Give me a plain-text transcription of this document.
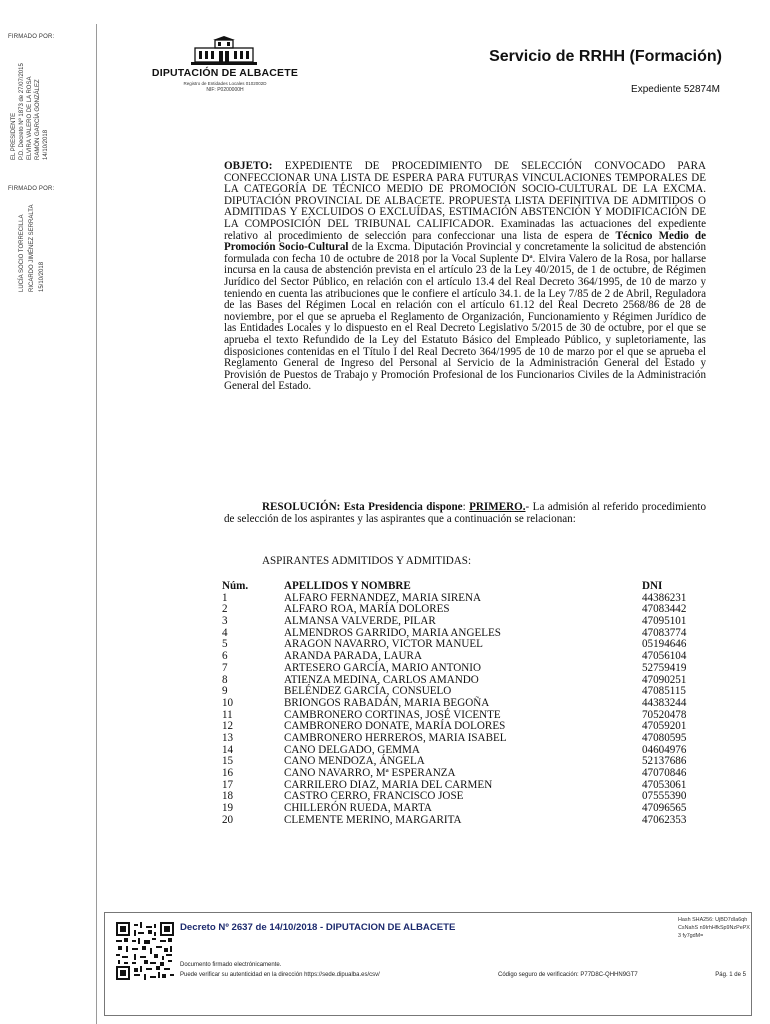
FIRMADO POR:
EL PRESIDENTE P.D. Decreto Nº 1873 de 27/07/2015 ELVIRA VALERO DE LA ROSA RAMÓN GARCÍA GONZÁLEZ 14/10/2018
FIRMADO POR:
LUCÍA SOCIO TORRECILLA RICARDO JIMÉNEZ SERRALTA 15/10/2018
DIPUTACIÓN DE ALBACETE
Registro de Entidades Locales 0102002D
NIF: P0200000H
Servicio de RRHH (Formación)
Expediente 52874M
OBJETO: EXPEDIENTE DE PROCEDIMIENTO DE SELECCIÓN CONVOCADO PARA CONFECCIONAR UNA LISTA DE ESPERA PARA FUTURAS VINCULACIONES TEMPORALES DE LA CATEGORÍA DE TÉCNICO MEDIO DE PROMOCIÓN SOCIO-CULTURAL DE LA EXCMA. DIPUTACIÓN PROVINCIAL DE ALBACETE. PROPUESTA LISTA DEFINITIVA DE ADMITIDOS O ADMITIDAS Y EXCLUIDOS O EXCLUÍDAS, ESTIMACIÓN ABSTENCIÓN Y MODIFICACIÓN DE LA COMPOSICIÓN DEL TRIBUNAL CALIFICADOR. Examinadas las actuaciones del expediente relativo al procedimiento de selección para confeccionar una lista de espera de Técnico Medio de Promoción Socio-Cultural de la Excma. Diputación Provincial y concretamente la solicitud de abstención formulada con fecha 10 de octubre de 2018 por la Vocal Suplente Dª. Elvira Valero de la Rosa, por hallarse incursa en la causa de abstención prevista en el artículo 23 de la Ley 40/2015, de 1 de octubre, de Régimen Jurídico del Sector Público, en relación con el artículo 13.4 del Real Decreto 364/1995, de 10 de marzo y teniendo en cuenta las atribuciones que le confiere el artículo 34.1. de la Ley 7/85 de 2 de Abril, Reguladora de las Bases del Régimen Local en relación con el artículo 61.12 del Real Decreto 2568/86 de 28 de noviembre, por el que se aprueba el Reglamento de Organización, Funcionamiento y Régimen Jurídico de las Entidades Locales y lo dispuesto en el Real Decreto Legislativo 5/2015 de 30 de octubre, por el que se aprueba el texto Refundido de la Ley del Estatuto Básico del Empleado Público, y supletoriamente, las disposiciones contenidas en el Título I del Real Decreto 364/1995 de 10 de marzo por el que se aprueba el Reglamento General de Ingreso del Personal al Servicio de la Administración General del Estado y Provisión de Puestos de Trabajo y Promoción Profesional de los Funcionarios Civiles de la Administración General del Estado.
RESOLUCIÓN: Esta Presidencia dispone: PRIMERO.- La admisión al referido procedimiento de selección de los aspirantes y las aspirantes que a continuación se relacionan:
ASPIRANTES ADMITIDOS Y ADMITIDAS:
Núm.	APELLIDOS Y NOMBRE	DNI
1	ALFARO FERNANDEZ, MARIA SIRENA	44386231
2	ALFARO ROA, MARÍA DOLORES	47083442
3	ALMANSA VALVERDE, PILAR	47095101
4	ALMENDROS GARRIDO, MARIA ANGELES	47083774
5	ARAGON NAVARRO, VICTOR MANUEL	05194646
6	ARANDA PARADA, LAURA	47056104
7	ARTESERO GARCÍA, MARIO ANTONIO	52759419
8	ATIENZA MEDINA, CARLOS AMANDO	47090251
9	BELÉNDEZ GARCÍA, CONSUELO	47085115
10	BRIONGOS RABADÁN, MARIA BEGOÑA	44383244
11	CAMBRONERO CORTINAS, JOSÉ VICENTE	70520478
12	CAMBRONERO DONATE, MARÍA DOLORES	47059201
13	CAMBRONERO HERREROS, MARIA ISABEL	47080595
14	CANO DELGADO, GEMMA	04604976
15	CANO MENDOZA, ÁNGELA	52137686
16	CANO NAVARRO, Mª ESPERANZA	47070846
17	CARRILERO DIAZ, MARIA DEL CARMEN	47053061
18	CASTRO CERRO, FRANCISCO JOSE	07555390
19	CHILLERÓN RUEDA, MARTA	47096565
20	CLEMENTE MERINO, MARGARITA	47062353
Decreto Nº 2637 de 14/10/2018 - DIPUTACION DE ALBACETE
Hash SHA256: UjBD7dIa6qhCsNahS n9IrhHfkSp9NzPePX3 fy7gdM=
Documento firmado electrónicamente.
Puede verificar su autenticidad en la dirección https://sede.dipualba.es/csv/	Código seguro de verificación: P77D8C-QHHN9GT7	Pág. 1 de 5
